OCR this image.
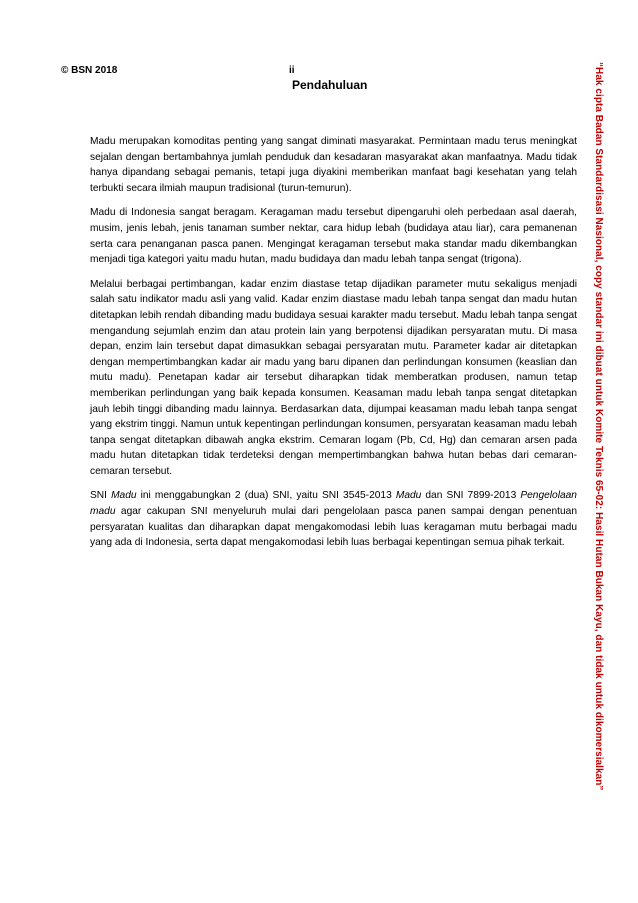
© BSN 2018	ii
Pendahuluan

Madu merupakan komoditas penting yang sangat diminati masyarakat. Permintaan madu terus meningkat sejalan dengan bertambahnya jumlah penduduk dan kesadaran masyarakat akan manfaatnya. Madu tidak hanya dipandang sebagai pemanis, tetapi juga diyakini memberikan manfaat bagi kesehatan yang telah terbukti secara ilmiah maupun tradisional (turun-temurun).

Madu di Indonesia sangat beragam. Keragaman madu tersebut dipengaruhi oleh perbedaan asal daerah, musim, jenis lebah, jenis tanaman sumber nektar, cara hidup lebah (budidaya atau liar), cara pemanenan serta cara penanganan pasca panen. Mengingat keragaman tersebut maka standar madu dikembangkan menjadi tiga kategori yaitu madu hutan, madu budidaya dan madu lebah tanpa sengat (trigona).

Melalui berbagai pertimbangan, kadar enzim diastase tetap dijadikan parameter mutu sekaligus menjadi salah satu indikator madu asli yang valid. Kadar enzim diastase madu lebah tanpa sengat dan madu hutan ditetapkan lebih rendah dibanding madu budidaya sesuai karakter madu tersebut. Madu lebah tanpa sengat mengandung sejumlah enzim dan atau protein lain yang berpotensi dijadikan persyaratan mutu. Di masa depan, enzim lain tersebut dapat dimasukkan sebagai persyaratan mutu. Parameter kadar air ditetapkan dengan mempertimbangkan kadar air madu yang baru dipanen dan perlindungan konsumen (keaslian dan mutu madu). Penetapan kadar air tersebut diharapkan tidak memberatkan produsen, namun tetap memberikan perlindungan yang baik kepada konsumen. Keasaman madu lebah tanpa sengat ditetapkan jauh lebih tinggi dibanding madu lainnya. Berdasarkan data, dijumpai keasaman madu lebah tanpa sengat yang ekstrim tinggi. Namun untuk kepentingan perlindungan konsumen, persyaratan keasaman madu lebah tanpa sengat ditetapkan dibawah angka ekstrim. Cemaran logam (Pb, Cd, Hg) dan cemaran arsen pada madu hutan ditetapkan tidak terdeteksi dengan mempertimbangkan bahwa hutan bebas dari cemaran-cemaran tersebut.

SNI Madu ini menggabungkan 2 (dua) SNI, yaitu SNI 3545-2013 Madu dan SNI 7899-2013 Pengelolaan madu agar cakupan SNI menyeluruh mulai dari pengelolaan pasca panen sampai dengan penentuan persyaratan kualitas dan diharapkan dapat mengakomodasi lebih luas keragaman mutu berbagai madu yang ada di Indonesia, serta dapat mengakomodasi lebih luas berbagai kepentingan semua pihak terkait.	“Hak cipta Badan Standardisasi Nasional, copy standar ini dibuat untuk Komite Teknis 65-02: Hasil Hutan Bukan Kayu, dan tidak untuk dikomersialkan”
